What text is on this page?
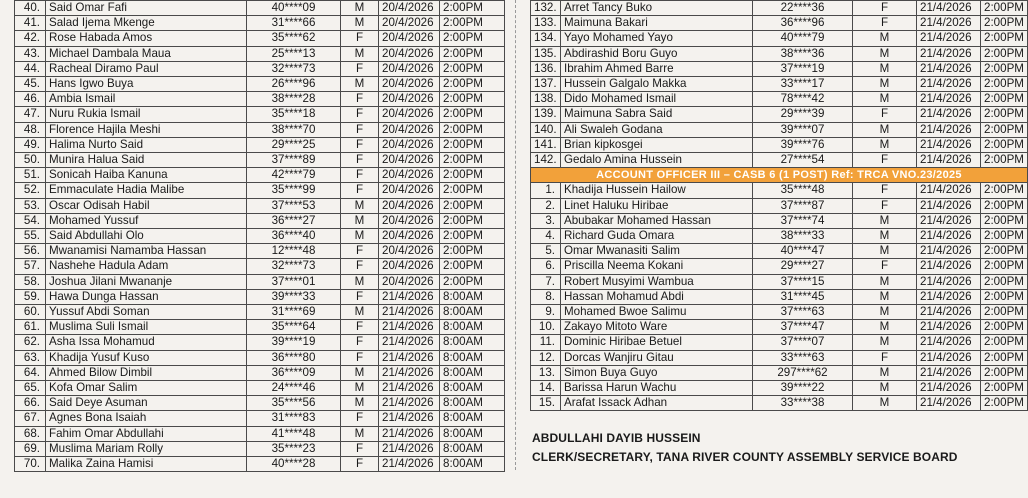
40.	Said Omar Fafi	40****09	M	20/4/2026	2:00PM
41.	Salad Ijema Mkenge	31****66	M	20/4/2026	2:00PM
42.	Rose Habada Amos	35****62	F	20/4/2026	2:00PM
43.	Michael Dambala Maua	25****13	M	20/4/2026	2:00PM
44.	Racheal Diramo Paul	32****73	F	20/4/2026	2:00PM
45.	Hans Igwo Buya	26****96	M	20/4/2026	2:00PM
46.	Ambia Ismail	38****28	F	20/4/2026	2:00PM
47.	Nuru Rukia Ismail	35****18	F	20/4/2026	2:00PM
48.	Florence Hajila Meshi	38****70	F	20/4/2026	2:00PM
49.	Halima Nurto Said	29****25	F	20/4/2026	2:00PM
50.	Munira Halua Said	37****89	F	20/4/2026	2:00PM
51.	Sonicah Haiba Kanuna	42****79	F	20/4/2026	2:00PM
52.	Emmaculate Hadia Malibe	35****99	F	20/4/2026	2:00PM
53.	Oscar Odisah Habil	37****53	M	20/4/2026	2:00PM
54.	Mohamed Yussuf	36****27	M	20/4/2026	2:00PM
55.	Said Abdullahi Olo	36****40	M	20/4/2026	2:00PM
56.	Mwanamisi Namamba Hassan	12****48	F	20/4/2026	2:00PM
57.	Nashehe Hadula Adam	32****73	F	20/4/2026	2:00PM
58.	Joshua Jilani Mwananje	37****01	M	20/4/2026	2:00PM
59.	Hawa Dunga Hassan	39****33	F	21/4/2026	8:00AM
60.	Yussuf Abdi Soman	31****69	M	21/4/2026	8:00AM
61.	Muslima Suli Ismail	35****64	F	21/4/2026	8:00AM
62.	Asha Issa Mohamud	39****19	F	21/4/2026	8:00AM
63.	Khadija Yusuf Kuso	36****80	F	21/4/2026	8:00AM
64.	Ahmed Bilow Dimbil	36****09	M	21/4/2026	8:00AM
65.	Kofa Omar Salim	24****46	M	21/4/2026	8:00AM
66.	Said Deye Asuman	35****56	M	21/4/2026	8:00AM
67.	Agnes Bona Isaiah	31****83	F	21/4/2026	8:00AM
68.	Fahim Omar Abdullahi	41****48	M	21/4/2026	8:00AM
69.	Muslima Mariam Rolly	35****23	F	21/4/2026	8:00AM
70.	Malika Zaina Hamisi	40****28	F	21/4/2026	8:00AM
132.	Arret Tancy Buko	22****36	F	21/4/2026	2:00PM
133.	Maimuna Bakari	36****96	F	21/4/2026	2:00PM
134.	Yayo Mohamed Yayo	40****79	M	21/4/2026	2:00PM
135.	Abdirashid Boru Guyo	38****36	M	21/4/2026	2:00PM
136.	Ibrahim Ahmed Barre	37****19	M	21/4/2026	2:00PM
137.	Hussein Galgalo Makka	33****17	M	21/4/2026	2:00PM
138.	Dido Mohamed Ismail	78****42	M	21/4/2026	2:00PM
139.	Maimuna Sabra Said	29****39	F	21/4/2026	2:00PM
140.	Ali Swaleh Godana	39****07	M	21/4/2026	2:00PM
141.	Brian kipkosgei	39****76	M	21/4/2026	2:00PM
142.	Gedalo Amina Hussein	27****54	F	21/4/2026	2:00PM
ACCOUNT OFFICER III – CASB 6 (1 POST) Ref: TRCA VNO.23/2025					
1.	Khadija Hussein Hailow	35****48	F	21/4/2026	2:00PM
2.	Linet Haluku Hiribae	37****87	F	21/4/2026	2:00PM
3.	Abubakar Mohamed Hassan	37****74	M	21/4/2026	2:00PM
4.	Richard Guda Omara	38****33	M	21/4/2026	2:00PM
5.	Omar Mwanasiti Salim	40****47	M	21/4/2026	2:00PM
6.	Priscilla Neema Kokani	29****27	F	21/4/2026	2:00PM
7.	Robert Musyimi Wambua	37****15	M	21/4/2026	2:00PM
8.	Hassan Mohamud Abdi	31****45	M	21/4/2026	2:00PM
9.	Mohamed Bwoe Salimu	37****63	M	21/4/2026	2:00PM
10.	Zakayo Mitoto Ware	37****47	M	21/4/2026	2:00PM
11.	Dominic Hiribae Betuel	37****07	M	21/4/2026	2:00PM
12.	Dorcas Wanjiru Gitau	33****63	F	21/4/2026	2:00PM
13.	Simon Buya Guyo	297****62	M	21/4/2026	2:00PM
14.	Barissa Harun Wachu	39****22	M	21/4/2026	2:00PM
15.	Arafat Issack Adhan	33****38	M	21/4/2026	2:00PM
ABDULLAHI DAYIB HUSSEIN
CLERK/SECRETARY, TANA RIVER COUNTY ASSEMBLY SERVICE BOARD
